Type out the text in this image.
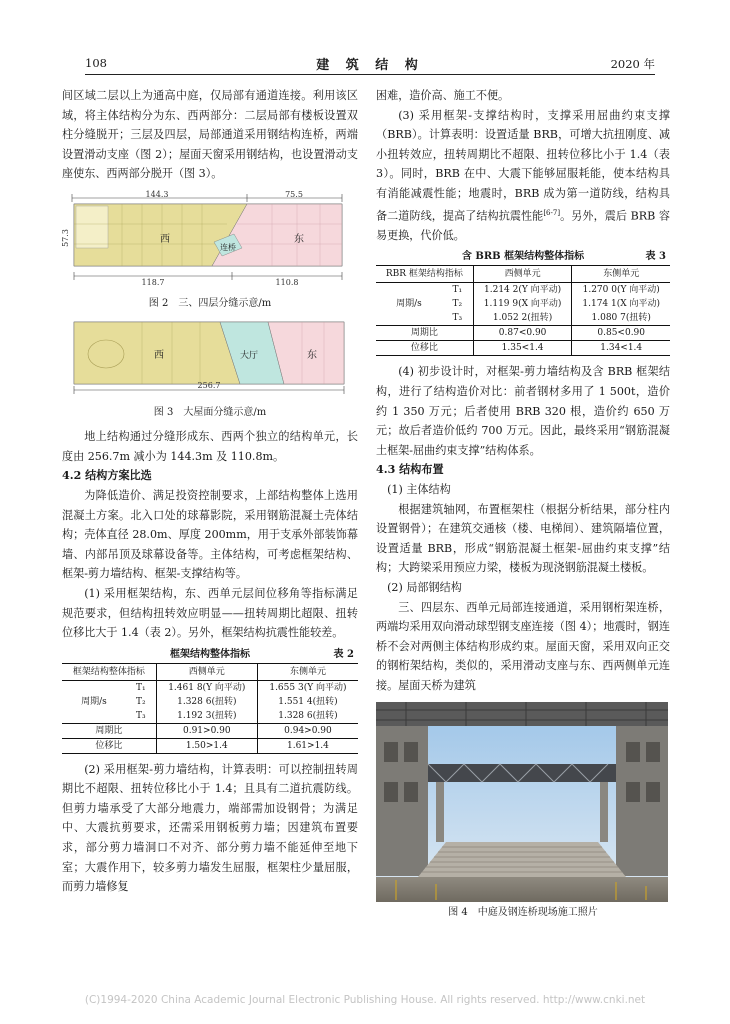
108	建 筑 结 构	2020 年

间区域二层以上为通高中庭，仅局部有通道连接。利用该区域，将主体结构分为东、西两部分：二层局部有楼板设置双柱分缝脱开；三层及四层，局部通道采用钢结构连桥，两端设置滑动支座（图 2）；屋面天窗采用钢结构，也设置滑动支座使东、西两部分脱开（图 3）。

144.3	75.5
57.3	西	东
连桥
118.7	110.8
图 2 三、四层分缝示意/m
西	大厅	东
256.7
图 3 大屋面分缝示意/m

地上结构通过分缝形成东、西两个独立的结构单元，长度由 256.7m 减小为 144.3m 及 110.8m。

4.2 结构方案比选

为降低造价、满足投资控制要求，上部结构整体上选用混凝土方案。北入口处的球幕影院，采用钢筋混凝土壳体结构；壳体直径 28.0m、厚度 200mm，用于支承外部装饰幕墙、内部吊顶及球幕设备等。主体结构，可考虑框架结构、框架-剪力墙结构、框架-支撑结构等。

(1) 采用框架结构，东、西单元层间位移角等指标满足规范要求，但结构扭转效应明显——扭转周期比超限、扭转位移比大于 1.4（表 2）。另外，框架结构抗震性能较差。

框架结构整体指标	表 2
框架结构整体指标		西侧单元	东侧单元
周期/s	T₁	1.461 8(Y 向平动)	1.655 3(Y 向平动)
	T₂	1.328 6(扭转)	1.551 4(扭转)
	T₃	1.192 3(扭转)	1.328 6(扭转)
周期比		0.91>0.90	0.94>0.90
位移比		1.50>1.4	1.61>1.4

(2) 采用框架-剪力墙结构，计算表明：可以控制扭转周期比不超限、扭转位移比小于 1.4；且具有二道抗震防线。但剪力墙承受了大部分地震力，端部需加设钢骨；为满足中、大震抗剪要求，还需采用钢板剪力墙；因建筑布置要求，部分剪力墙洞口不对齐、部分剪力墙不能延伸至地下室；大震作用下，较多剪力墙发生屈服，框架柱少量屈服，而剪力墙修复

困难，造价高、施工不便。

(3) 采用框架-支撑结构时，支撑采用屈曲约束支撑（BRB）。计算表明：设置适量 BRB，可增大抗扭刚度、减小扭转效应，扭转周期比不超限、扭转位移比小于 1.4（表 3）。同时，BRB 在中、大震下能够屈服耗能，使本结构具有消能减震性能；地震时，BRB 成为第一道防线，结构具备二道防线，提高了结构抗震性能[6-7]。另外，震后 BRB 容易更换，代价低。

含 BRB 框架结构整体指标	表 3
RBR 框架结构指标		西侧单元	东侧单元
周期/s	T₁	1.214 2(Y 向平动)	1.270 0(Y 向平动)
	T₂	1.119 9(X 向平动)	1.174 1(X 向平动)
	T₃	1.052 2(扭转)	1.080 7(扭转)
周期比		0.87<0.90	0.85<0.90
位移比		1.35<1.4	1.34<1.4

(4) 初步设计时，对框架-剪力墙结构及含 BRB 框架结构，进行了结构造价对比：前者钢材多用了 1 500t，造价约 1 350 万元；后者使用 BRB 320 根，造价约 650 万元；故后者造价低约 700 万元。因此，最终采用“钢筋混凝土框架-屈曲约束支撑”结构体系。

4.3 结构布置

(1) 主体结构

根据建筑轴网，布置框架柱（根据分析结果，部分柱内设置钢骨）；在建筑交通核（楼、电梯间）、建筑隔墙位置，设置适量 BRB，形成“钢筋混凝土框架-屈曲约束支撑”结构；大跨梁采用预应力梁，楼板为现浇钢筋混凝土楼板。

(2) 局部钢结构

三、四层东、西单元局部连接通道，采用钢桁架连桥，两端均采用双向滑动球型钢支座连接（图 4）；地震时，钢连桥不会对两侧主体结构形成约束。屋面天窗，采用双向正交的钢桁架结构，类似的，采用滑动支座与东、西两侧单元连接。屋面天桥为建筑

图 4 中庭及钢连桥现场施工照片
(C)1994-2020 China Academic Journal Electronic Publishing House. All rights reserved. http://www.cnki.net
